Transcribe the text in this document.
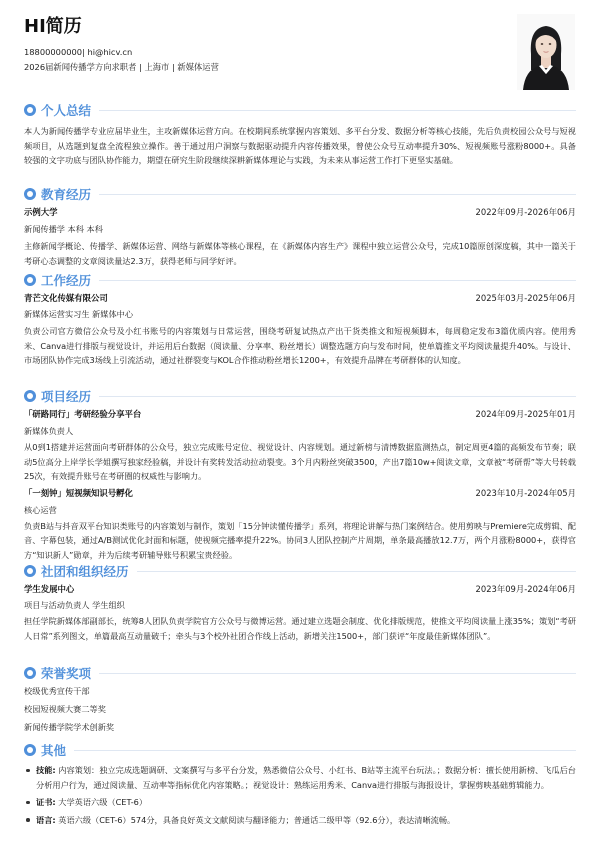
HI简历
18800000000| hi@hicv.cn
2026届新闻传播学方向求职者 | 上海市 | 新媒体运营
个人总结
本人为新闻传播学专业应届毕业生，主攻新媒体运营方向。在校期间系统掌握内容策划、多平台分发、数据分析等核心技能，先后负责校园公众号与短视频项目，从选题到复盘全流程独立操作。善于通过用户洞察与数据驱动提升内容传播效果，曾使公众号互动率提升30%、短视频账号涨粉8000+。具备较强的文字功底与团队协作能力，期望在研究生阶段继续深耕新媒体理论与实践，为未来从事运营工作打下更坚实基础。
教育经历
示例大学	2022年09月-2026年06月
新闻传播学 本科 本科
主修新闻学概论、传播学、新媒体运营、网络与新媒体等核心课程，在《新媒体内容生产》课程中独立运营公众号，完成10篇原创深度稿，其中一篇关于考研心态调整的文章阅读量达2.3万，获得老师与同学好评。
工作经历
青芒文化传媒有限公司	2025年03月-2025年06月
新媒体运营实习生 新媒体中心
负责公司官方微信公众号及小红书账号的内容策划与日常运营，围绕考研复试热点产出干货类推文和短视频脚本，每周稳定发布3篇优质内容。使用秀米、Canva进行排版与视觉设计，并运用后台数据（阅读量、分享率、粉丝增长）调整选题方向与发布时间，使单篇推文平均阅读量提升40%。与设计、市场团队协作完成3场线上引流活动，通过社群裂变与KOL合作推动粉丝增长1200+，有效提升品牌在考研群体的认知度。
项目经历
「研路同行」考研经验分享平台	2024年09月-2025年01月
新媒体负责人
从0到1搭建并运营面向考研群体的公众号，独立完成账号定位、视觉设计、内容规划。通过新榜与清博数据监测热点，制定周更4篇的高频发布节奏；联动5位高分上岸学长学姐撰写独家经验稿，并设计有奖转发活动拉动裂变。3个月内粉丝突破3500，产出7篇10w+阅读文章，文章被“考研帮”等大号转载25次，有效提升账号在考研圈的权威性与影响力。
「一刻钟」短视频知识号孵化	2023年10月-2024年05月
核心运营
负责B站与抖音双平台知识类账号的内容策划与制作，策划「15分钟读懂传播学」系列，将理论讲解与热门案例结合。使用剪映与Premiere完成剪辑、配音、字幕包装，通过A/B测试优化封面和标题，使视频完播率提升22%。协同3人团队控制产片周期，单条最高播放12.7万，两个月涨粉8000+，获得官方“知识新人”勋章，并为后续考研辅导账号积累宝贵经验。
社团和组织经历
学生发展中心	2023年09月-2024年06月
项目与活动负责人 学生组织
担任学院新媒体部副部长，统筹8人团队负责学院官方公众号与微博运营。通过建立选题会制度、优化排版规范，使推文平均阅读量上涨35%；策划“考研人日常”系列图文，单篇最高互动量破千；牵头与3个校外社团合作线上活动，新增关注1500+，部门获评“年度最佳新媒体团队”。
荣誉奖项
校级优秀宣传干部
校园短视频大赛二等奖
新闻传播学院学术创新奖
其他
技能: 内容策划：独立完成选题调研、文案撰写与多平台分发，熟悉微信公众号、小红书、B站等主流平台玩法。；数据分析：擅长使用新榜、飞瓜后台分析用户行为，通过阅读量、互动率等指标优化内容策略。；视觉设计：熟练运用秀米、Canva进行排版与海报设计，掌握剪映基础剪辑能力。
证书: 大学英语六级（CET-6）
语言: 英语六级（CET-6）574分，具备良好英文文献阅读与翻译能力；普通话二级甲等（92.6分），表达清晰流畅。
